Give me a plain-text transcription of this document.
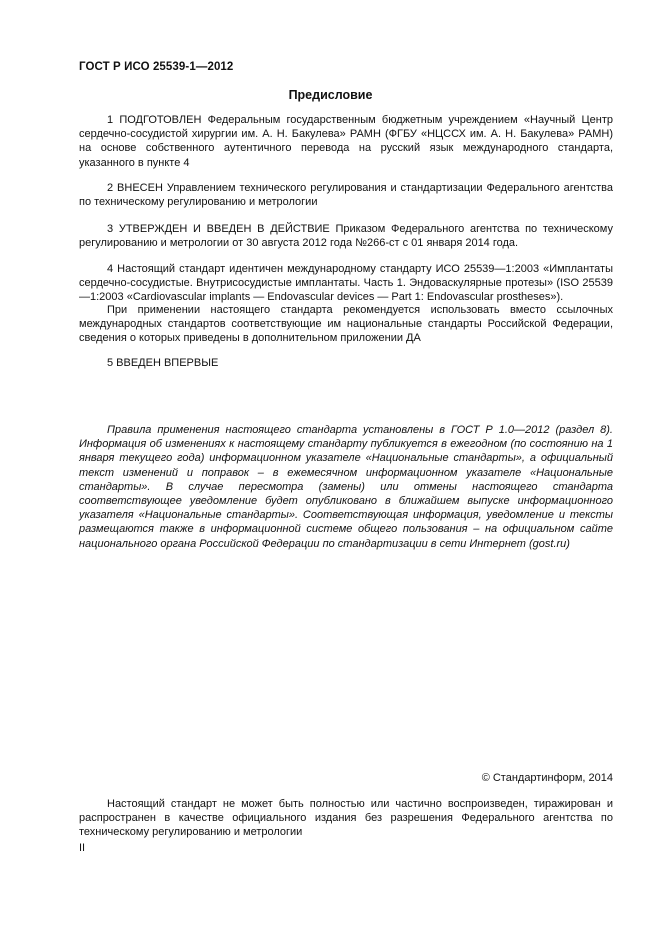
ГОСТ Р ИСО 25539-1—2012
Предисловие

1 ПОДГОТОВЛЕН Федеральным государственным бюджетным учреждением «Научный Центр сердечно-сосудистой хирургии им. А. Н. Бакулева» РАМН (ФГБУ «НЦССХ им. А. Н. Бакулева» РАМН) на основе собственного аутентичного перевода на русский язык международного стандарта, указанного в пункте 4

2 ВНЕСЕН Управлением технического регулирования и стандартизации Федерального агентства по техническому регулированию и метрологии

3 УТВЕРЖДЕН И ВВЕДЕН В ДЕЙСТВИЕ Приказом Федерального агентства по техническому регулированию и метрологии от 30 августа 2012 года №266-ст с 01 января 2014 года.

4 Настоящий стандарт идентичен международному стандарту ИСО 25539—1:2003 «Имплантаты сердечно-сосудистые. Внутрисосудистые имплантаты. Часть 1. Эндоваскулярные протезы» (ISO 25539—1:2003 «Cardiovascular implants — Endovascular devices — Part 1: Endovascular prostheses»).

При применении настоящего стандарта рекомендуется использовать вместо ссылочных международных стандартов соответствующие им национальные стандарты Российской Федерации, сведения о которых приведены в дополнительном приложении ДА

5 ВВЕДЕН ВПЕРВЫЕ

Правила применения настоящего стандарта установлены в ГОСТ Р 1.0—2012 (раздел 8). Информация об изменениях к настоящему стандарту публикуется в ежегодном (по состоянию на 1 января текущего года) информационном указателе «Национальные стандарты», а официальный текст изменений и поправок – в ежемесячном информационном указателе «Национальные стандарты». В случае пересмотра (замены) или отмены настоящего стандарта соответствующее уведомление будет опубликовано в ближайшем выпуске информационного указателя «Национальные стандарты». Соответствующая информация, уведомление и тексты размещаются также в информационной системе общего пользования – на официальном сайте национального органа Российской Федерации по стандартизации в сети Интернет (gost.ru)

© Стандартинформ, 2014

Настоящий стандарт не может быть полностью или частично воспроизведен, тиражирован и распространен в качестве официального издания без разрешения Федерального агентства по техническому регулированию и метрологии

II
